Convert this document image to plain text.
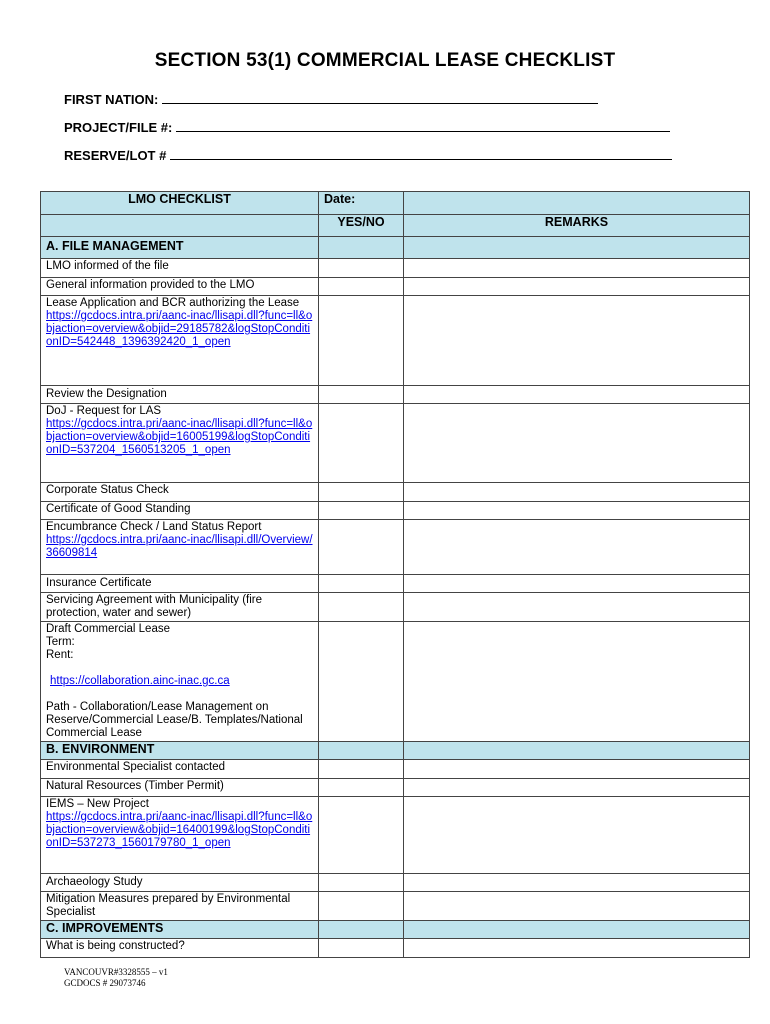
SECTION 53(1) COMMERCIAL LEASE CHECKLIST
FIRST NATION:
PROJECT/FILE #:
RESERVE/LOT #
LMO CHECKLIST	Date:	
	YES/NO	REMARKS
A. FILE MANAGEMENT		
LMO informed of the file		
General information provided to the LMO		

Lease Application and BCR authorizing the Lease
https://gcdocs.intra.pri/aanc-inac/llisapi.dll?func=ll&objaction=overview&objid=29185782&logStopConditionID=542448_1396392420_1_open		
Review the Designation		

DoJ - Request for LAS
https://gcdocs.intra.pri/aanc-inac/llisapi.dll?func=ll&objaction=overview&objid=16005199&logStopConditionID=537204_1560513205_1_open		
Corporate Status Check		
Certificate of Good Standing		

Encumbrance Check / Land Status Report
https://gcdocs.intra.pri/aanc-inac/llisapi.dll/Overview/36609814		
Insurance Certificate		
Servicing Agreement with Municipality (fire protection, water and sewer)		

Draft Commercial Lease
Term:
Rent:
https://collaboration.ainc-inac.gc.ca
Path - Collaboration/Lease Management on Reserve/Commercial Lease/B. Templates/National Commercial Lease		

B. ENVIRONMENT		
Environmental Specialist contacted		
Natural Resources (Timber Permit)		

IEMS – New Project
https://gcdocs.intra.pri/aanc-inac/llisapi.dll?func=ll&objaction=overview&objid=16400199&logStopConditionID=537273_1560179780_1_open		
Archaeology Study		
Mitigation Measures prepared by Environmental Specialist		
C. IMPROVEMENTS		
What is being constructed?		
VANCOUVR#3328555 – v1
GCDOCS # 29073746
